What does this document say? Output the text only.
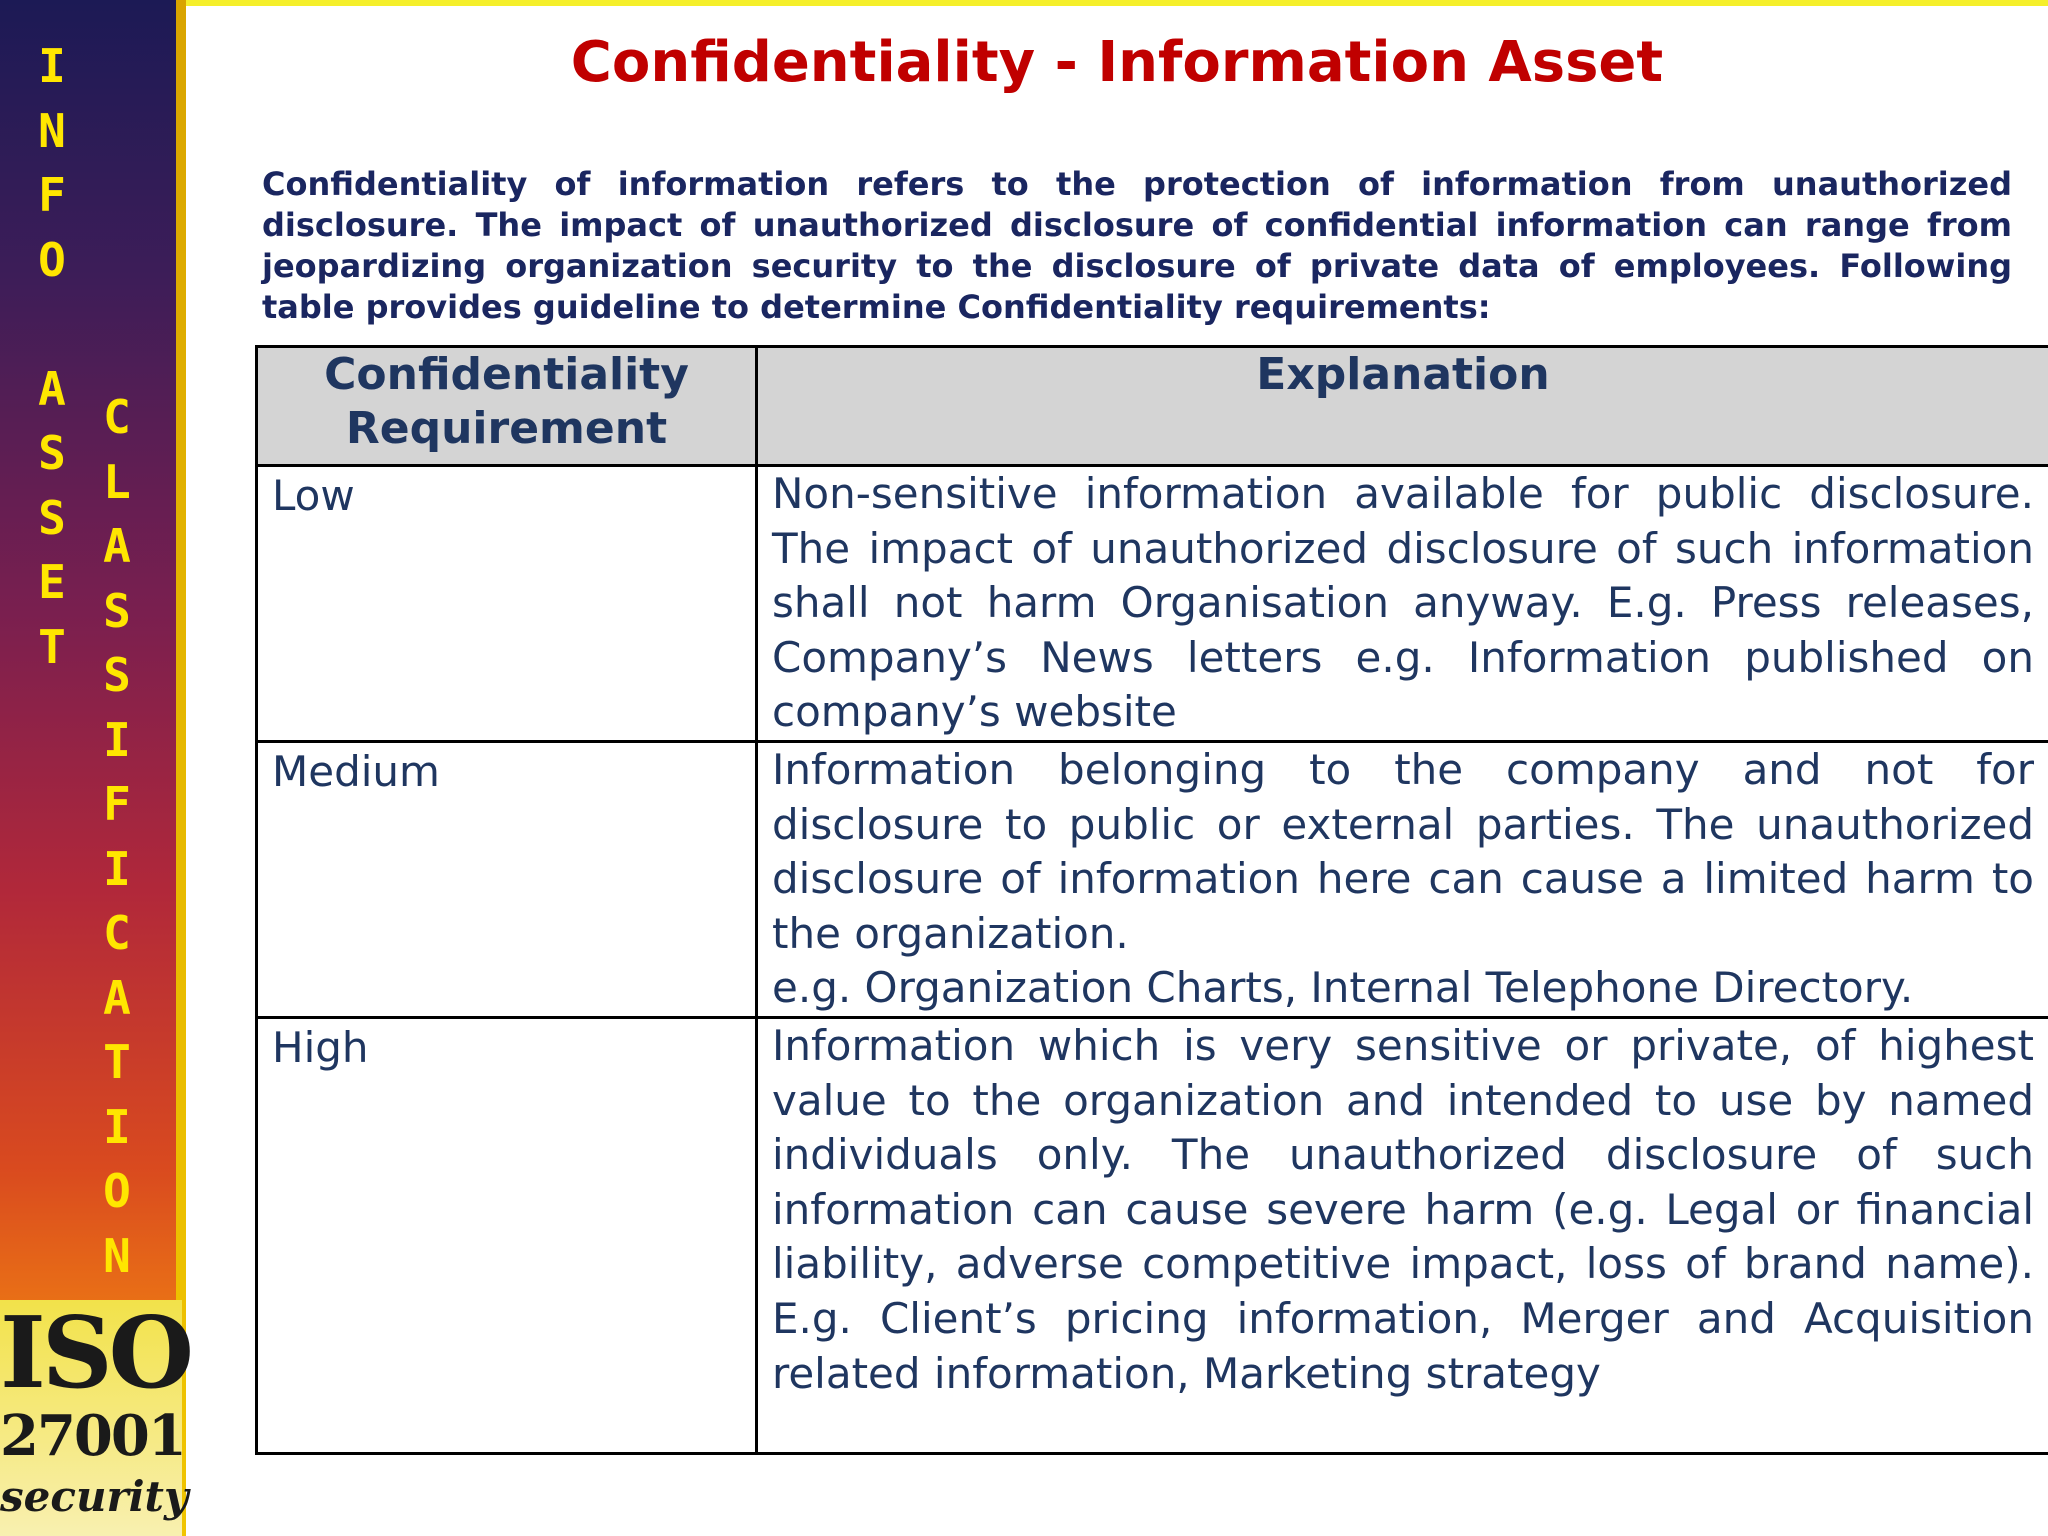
I
N
F
O
A
S
S
E
T
C
L
A
S
S
I
F
I
C
A
T
I
O
N
ISO
27001
security
Confidentiality - Information Asset

Confidentiality of information refers to the protection of information from unauthorized disclosure. The impact of unauthorized disclosure of confidential information can range from jeopardizing organization security to the disclosure of private data of employees. Following table provides guideline to determine Confidentiality requirements:

Confidentiality Requirement	Explanation

Low	Non-sensitive information available for public disclosure. The impact of unauthorized disclosure of such information shall not harm Organisation anyway. E.g. Press releases, Company’s News letters e.g. Information published on company’s website

Medium	Information belonging to the company and not for disclosure to public or external parties. The unauthorized disclosure of information here can cause a limited harm to the organization.
e.g. Organization Charts, Internal Telephone Directory.

High	Information which is very sensitive or private, of highest value to the organization and intended to use by named individuals only. The unauthorized disclosure of such information can cause severe harm (e.g. Legal or financial liability, adverse competitive impact, loss of brand name). E.g. Client’s pricing information, Merger and Acquisition related information, Marketing strategy
